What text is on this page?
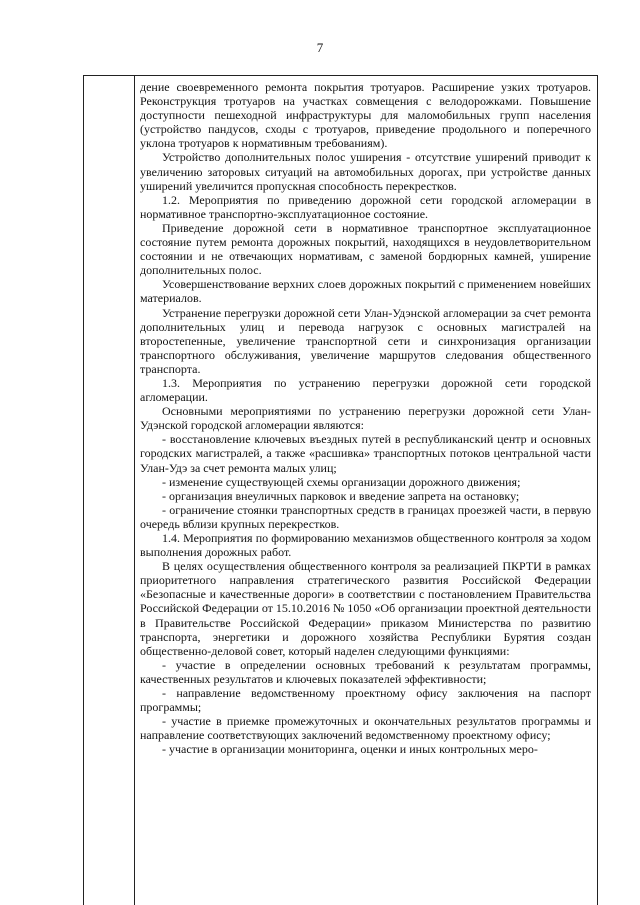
7

дение своевременного ремонта покрытия тротуаров. Расширение узких тротуаров. Реконструкция тротуаров на участках совмещения с велодорожками. Повышение доступности пешеходной инфраструктуры для маломобильных групп населения (устройство пандусов, сходы с тротуаров, приведение продольного и поперечного уклона тротуаров к нормативным требованиям).

Устройство дополнительных полос уширения - отсутствие уширений приводит к увеличению заторовых ситуаций на автомобильных дорогах, при устройстве данных уширений увеличится пропускная способность перекрестков.

1.2. Мероприятия по приведению дорожной сети городской агломерации в нормативное транспортно-эксплуатационное состояние.

Приведение дорожной сети в нормативное транспортное эксплуатационное состояние путем ремонта дорожных покрытий, находящихся в неудовлетворительном состоянии и не отвечающих нормативам, с заменой бордюрных камней, уширение дополнительных полос.

Усовершенствование верхних слоев дорожных покрытий с применением новейших материалов.

Устранение перегрузки дорожной сети Улан-Удэнской агломерации за счет ремонта дополнительных улиц и перевода нагрузок с основных магистралей на второстепенные, увеличение транспортной сети и синхронизация организации транспортного обслуживания, увеличение маршрутов следования общественного транспорта.

1.3. Мероприятия по устранению перегрузки дорожной сети городской агломерации.

Основными мероприятиями по устранению перегрузки дорожной сети Улан-Удэнской городской агломерации являются:

- восстановление ключевых въездных путей в республиканский центр и основных городских магистралей, а также «расшивка» транспортных потоков центральной части Улан-Удэ за счет ремонта малых улиц;

- изменение существующей схемы организации дорожного движения;

- организация внеуличных парковок и введение запрета на остановку;

- ограничение стоянки транспортных средств в границах проезжей части, в первую очередь вблизи крупных перекрестков.

1.4. Мероприятия по формированию механизмов общественного контроля за ходом выполнения дорожных работ.

В целях осуществления общественного контроля за реализацией ПКРТИ в рамках приоритетного направления стратегического развития Российской Федерации «Безопасные и качественные дороги» в соответствии с постановлением Правительства Российской Федерации от 15.10.2016 № 1050 «Об организации проектной деятельности в Правительстве Российской Федерации» приказом Министерства по развитию транспорта, энергетики и дорожного хозяйства Республики Бурятия создан общественно-деловой совет, который наделен следующими функциями:

- участие в определении основных требований к результатам программы, качественных результатов и ключевых показателей эффективности;

- направление ведомственному проектному офису заключения на паспорт программы;

- участие в приемке промежуточных и окончательных результатов программы и направление соответствующих заключений ведомственному проектному офису;

- участие в организации мониторинга, оценки и иных контрольных меро-
